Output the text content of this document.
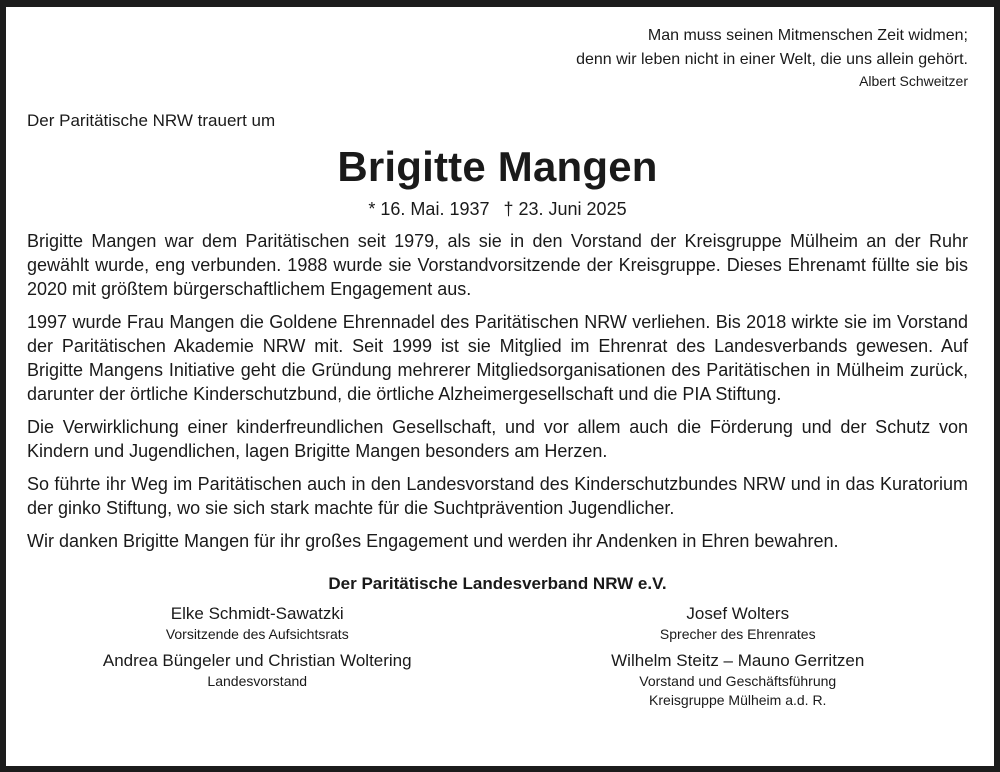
Man muss seinen Mitmenschen Zeit widmen;
denn wir leben nicht in einer Welt, die uns allein gehört.
Albert Schweitzer
Der Paritätische NRW trauert um
Brigitte Mangen
* 16. Mai. 1937 † 23. Juni 2025

Brigitte Mangen war dem Paritätischen seit 1979, als sie in den Vorstand der Kreisgruppe Mülheim an der Ruhr gewählt wurde, eng verbunden. 1988 wurde sie Vorstandvorsitzende der Kreisgruppe. Dieses Ehrenamt füllte sie bis 2020 mit größtem bürgerschaftlichem Engagement aus.

1997 wurde Frau Mangen die Goldene Ehrennadel des Paritätischen NRW verliehen. Bis 2018 wirkte sie im Vorstand der Paritätischen Akademie NRW mit. Seit 1999 ist sie Mitglied im Ehrenrat des Landesverbands gewesen. Auf Brigitte Mangens Initiative geht die Gründung mehrerer Mitgliedsorganisationen des Paritätischen in Mülheim zurück, darunter der örtliche Kinderschutzbund, die örtliche Alzheimergesellschaft und die PIA Stiftung.

Die Verwirklichung einer kinderfreundlichen Gesellschaft, und vor allem auch die Förderung und der Schutz von Kindern und Jugendlichen, lagen Brigitte Mangen besonders am Herzen.

So führte ihr Weg im Paritätischen auch in den Landesvorstand des Kinderschutzbundes NRW und in das Kuratorium der ginko Stiftung, wo sie sich stark machte für die Suchtprävention Jugendlicher.

Wir danken Brigitte Mangen für ihr großes Engagement und werden ihr Andenken in Ehren bewahren.

Der Paritätische Landesverband NRW e.V.
Elke Schmidt-Sawatzki
Vorsitzende des Aufsichtsrats
Josef Wolters
Sprecher des Ehrenrates
Andrea Büngeler und Christian Woltering
Landesvorstand
Wilhelm Steitz – Mauno Gerritzen
Vorstand und Geschäftsführung
Kreisgruppe Mülheim a.d. R.
